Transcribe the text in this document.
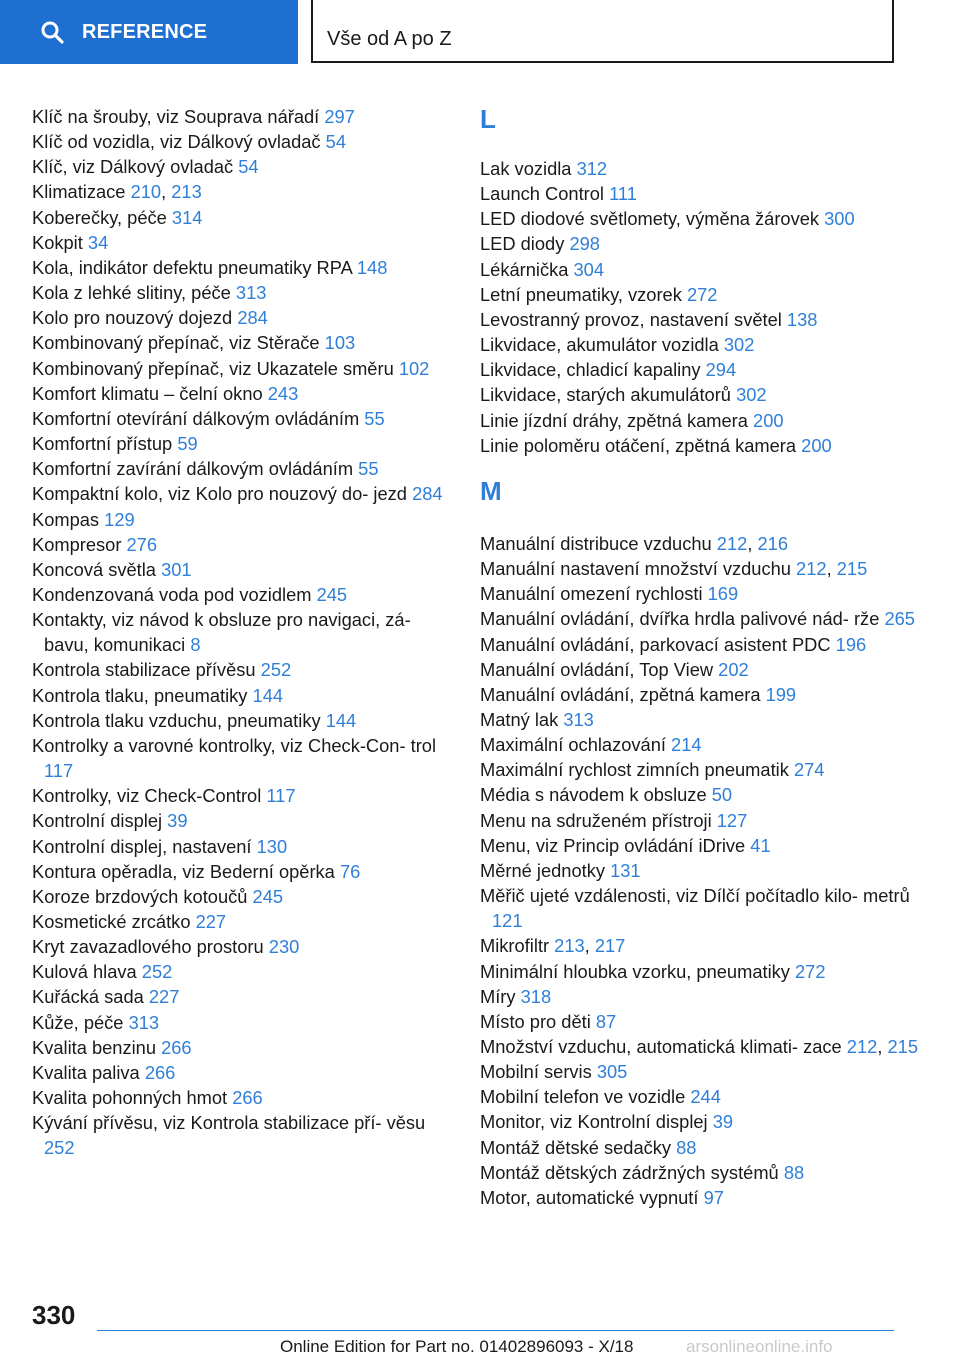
REFERENCE	Vše od A po Z
Klíč na šrouby, viz Souprava nářadí 297
Klíč od vozidla, viz Dálkový ovladač 54
Klíč, viz Dálkový ovladač 54
Klimatizace 210, 213
Koberečky, péče 314
Kokpit 34
Kola, indikátor defektu pneumatiky RPA 148
Kola z lehké slitiny, péče 313
Kolo pro nouzový dojezd 284
Kombinovaný přepínač, viz Stěrače 103
Kombinovaný přepínač, viz Ukazatele směru 102
Komfort klimatu – čelní okno 243
Komfortní otevírání dálkovým ovládáním 55
Komfortní přístup 59
Komfortní zavírání dálkovým ovládáním 55
Kompaktní kolo, viz Kolo pro nouzový do‐ jezd 284
Kompas 129
Kompresor 276
Koncová světla 301
Kondenzovaná voda pod vozidlem 245
Kontakty, viz návod k obsluze pro navigaci, zá‐ bavu, komunikaci 8
Kontrola stabilizace přívěsu 252
Kontrola tlaku, pneumatiky 144
Kontrola tlaku vzduchu, pneumatiky 144
Kontrolky a varovné kontrolky, viz Check-Con‐ trol 117
Kontrolky, viz Check-Control 117
Kontrolní displej 39
Kontrolní displej, nastavení 130
Kontura opěradla, viz Bederní opěrka 76
Koroze brzdových kotoučů 245
Kosmetické zrcátko 227
Kryt zavazadlového prostoru 230
Kulová hlava 252
Kuřácká sada 227
Kůže, péče 313
Kvalita benzinu 266
Kvalita paliva 266
Kvalita pohonných hmot 266
Kývání přívěsu, viz Kontrola stabilizace pří‐ věsu 252
L
Lak vozidla 312
Launch Control 111
LED diodové světlomety, výměna žárovek 300
LED diody 298
Lékárnička 304
Letní pneumatiky, vzorek 272
Levostranný provoz, nastavení světel 138
Likvidace, akumulátor vozidla 302
Likvidace, chladicí kapaliny 294
Likvidace, starých akumulátorů 302
Linie jízdní dráhy, zpětná kamera 200
Linie poloměru otáčení, zpětná kamera 200
M
Manuální distribuce vzduchu 212, 216
Manuální nastavení množství vzduchu 212, 215
Manuální omezení rychlosti 169
Manuální ovládání, dvířka hrdla palivové nád‐ rže 265
Manuální ovládání, parkovací asistent PDC 196
Manuální ovládání, Top View 202
Manuální ovládání, zpětná kamera 199
Matný lak 313
Maximální ochlazování 214
Maximální rychlost zimních pneumatik 274
Média s návodem k obsluze 50
Menu na sdruženém přístroji 127
Menu, viz Princip ovládání iDrive 41
Měrné jednotky 131
Měřič ujeté vzdálenosti, viz Dílčí počítadlo kilo‐ metrů 121
Mikrofiltr 213, 217
Minimální hloubka vzorku, pneumatiky 272
Míry 318
Místo pro děti 87
Množství vzduchu, automatická klimati‐ zace 212, 215
Mobilní servis 305
Mobilní telefon ve vozidle 244
Monitor, viz Kontrolní displej 39
Montáž dětské sedačky 88
Montáž dětských zádržných systémů 88
Motor, automatické vypnutí 97
330
Online Edition for Part no. 01402896093 - X/18	arsonlineonline.info
